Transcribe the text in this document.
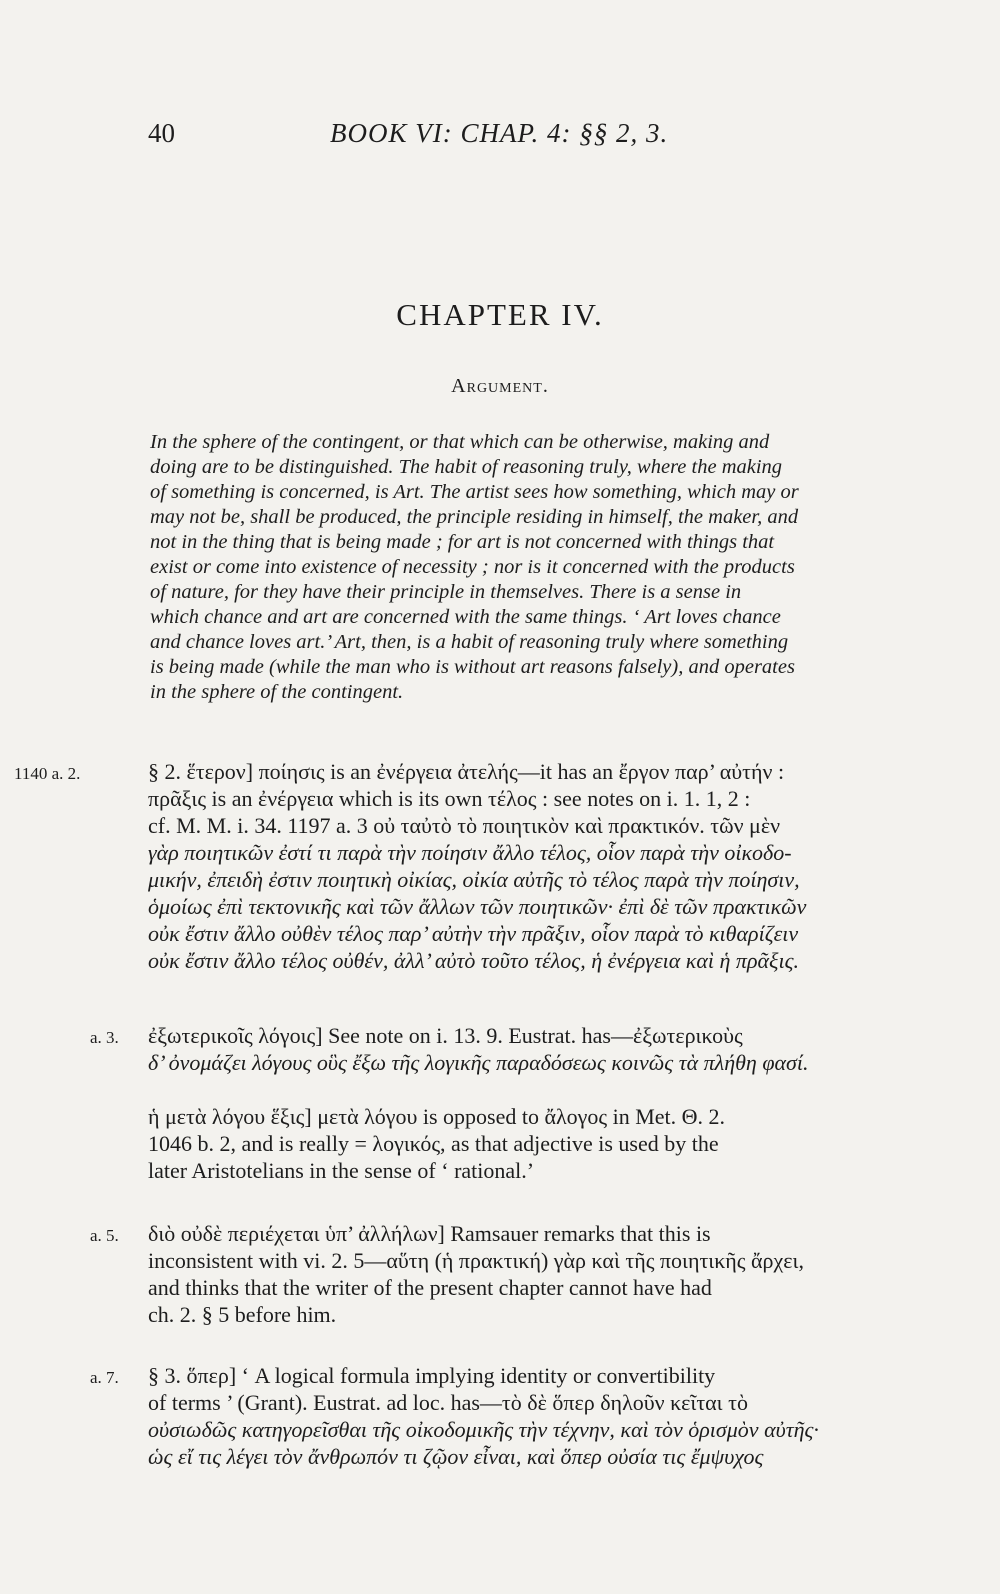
40	BOOK VI: CHAP. 4: §§ 2, 3.
CHAPTER IV.
Argument.
In the sphere of the contingent, or that which can be otherwise, making and
doing are to be distinguished. The habit of reasoning truly, where the making
of something is concerned, is Art. The artist sees how something, which may or
may not be, shall be produced, the principle residing in himself, the maker, and
not in the thing that is being made ; for art is not concerned with things that
exist or come into existence of necessity ; nor is it concerned with the products
of nature, for they have their principle in themselves. There is a sense in
which chance and art are concerned with the same things. ‘ Art loves chance
and chance loves art.’ Art, then, is a habit of reasoning truly where something
is being made (while the man who is without art reasons falsely), and operates
in the sphere of the contingent.
1140 a. 2.	§ 2. ἕτερον] ποίησις is an ἐνέργεια ἀτελής—it has an ἔργον παρ’ αὐτήν :
πρᾶξις is an ἐνέργεια which is its own τέλος : see notes on i. 1. 1, 2 :
cf. M. M. i. 34. 1197 a. 3 οὐ ταὐτὸ τὸ ποιητικὸν καὶ πρακτικόν. τῶν μὲν
γὰρ ποιητικῶν ἐστί τι παρὰ τὴν ποίησιν ἄλλο τέλος, οἷον παρὰ τὴν οἰκοδο-
μικήν, ἐπειδὴ ἐστιν ποιητικὴ οἰκίας, οἰκία αὐτῆς τὸ τέλος παρὰ τὴν ποίησιν,
ὁμοίως ἐπὶ τεκτονικῆς καὶ τῶν ἄλλων τῶν ποιητικῶν· ἐπὶ δὲ τῶν πρακτικῶν
οὐκ ἔστιν ἄλλο οὐθὲν τέλος παρ’ αὐτὴν τὴν πρᾶξιν, οἷον παρὰ τὸ κιθαρίζειν
οὐκ ἔστιν ἄλλο τέλος οὐθέν, ἀλλ’ αὐτὸ τοῦτο τέλος, ἡ ἐνέργεια καὶ ἡ πρᾶξις.
a. 3. ἐξωτερικοῖς λόγοις] See note on i. 13. 9. Eustrat. has—ἐξωτερικοὺς
δ’ ὀνομάζει λόγους οὓς ἔξω τῆς λογικῆς παραδόσεως κοινῶς τὰ πλήθη φασί.
ἡ μετὰ λόγου ἕξις] μετὰ λόγου is opposed to ἄλογος in Met. Θ. 2.
1046 b. 2, and is really = λογικός, as that adjective is used by the
later Aristotelians in the sense of ‘ rational.’
a. 5. διὸ οὐδὲ περιέχεται ὑπ’ ἀλλήλων] Ramsauer remarks that this is
inconsistent with vi. 2. 5—αὕτη (ἡ πρακτική) γὰρ καὶ τῆς ποιητικῆς ἄρχει,
and thinks that the writer of the present chapter cannot have had
ch. 2. § 5 before him.
a. 7. § 3. ὅπερ] ‘ A logical formula implying identity or convertibility
of terms ’ (Grant). Eustrat. ad loc. has—τὸ δὲ ὅπερ δηλοῦν κεῖται τὸ
οὐσιωδῶς κατηγορεῖσθαι τῆς οἰκοδομικῆς τὴν τέχνην, καὶ τὸν ὁρισμὸν αὐτῆς·
ὡς εἴ τις λέγει τὸν ἄνθρωπόν τι ζῷον εἶναι, καὶ ὅπερ οὐσία τις ἔμψυχος
